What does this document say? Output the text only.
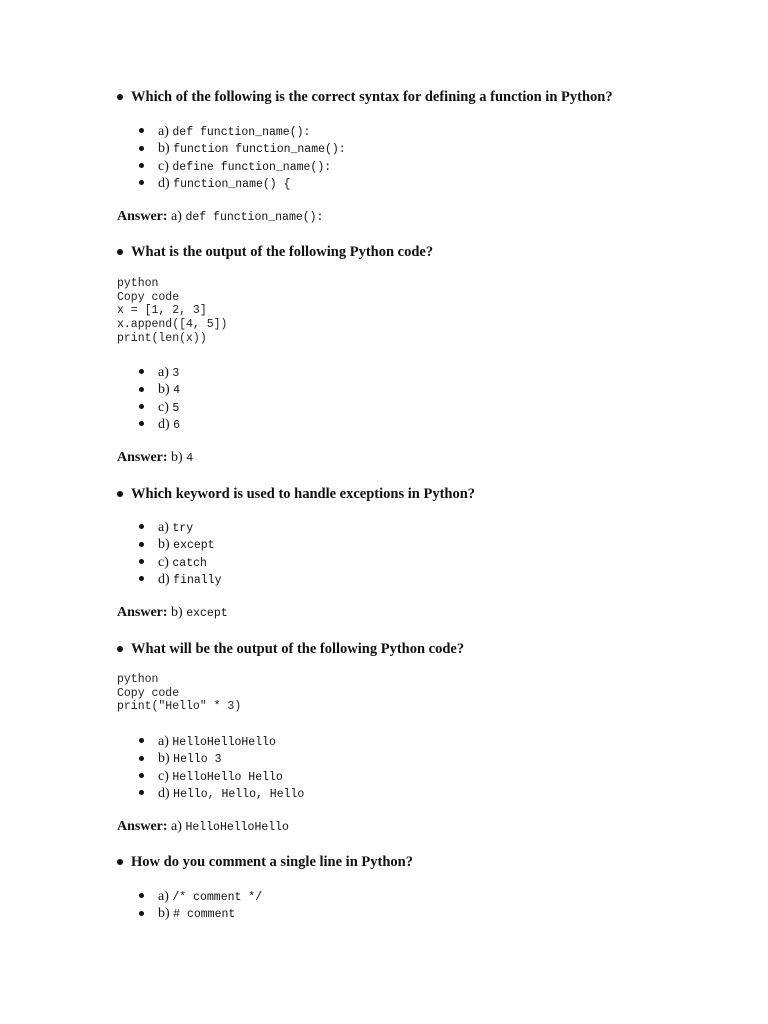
Which of the following is the correct syntax for defining a function in Python?
a) def function_name():
b) function function_name():
c) define function_name():
d) function_name() {
Answer: a) def function_name():
What is the output of the following Python code?
python
Copy code
x = [1, 2, 3]
x.append([4, 5])
print(len(x))
a) 3
b) 4
c) 5
d) 6
Answer: b) 4
Which keyword is used to handle exceptions in Python?
a) try
b) except
c) catch
d) finally
Answer: b) except
What will be the output of the following Python code?
python
Copy code
print("Hello" * 3)
a) HelloHelloHello
b) Hello 3
c) HelloHello Hello
d) Hello, Hello, Hello
Answer: a) HelloHelloHello
How do you comment a single line in Python?
a) /* comment */
b) # comment
